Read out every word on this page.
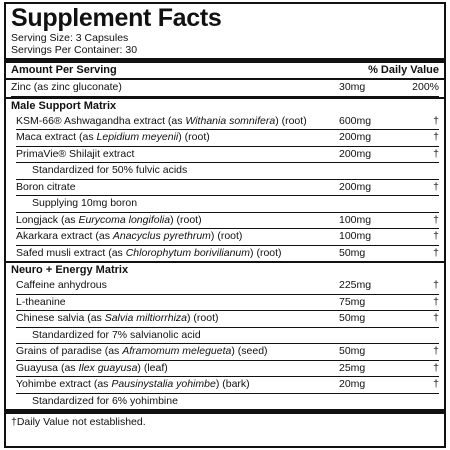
Supplement Facts
Serving Size: 3 Capsules
Servings Per Container: 30
Amount Per Serving	% Daily Value
Zinc (as zinc gluconate)	30mg	200%
Male Support Matrix
KSM-66® Ashwagandha extract (as Withania somnifera) (root)	600mg	†
Maca extract (as Lepidium meyenii) (root)	200mg	†
PrimaVie® Shilajit extract	200mg	†
Standardized for 50% fulvic acids
Boron citrate	200mg	†
Supplying 10mg boron
Longjack (as Eurycoma longifolia) (root)	100mg	†
Akarkara extract (as Anacyclus pyrethrum) (root)	100mg	†
Safed musli extract (as Chlorophytum borivilianum) (root)	50mg	†
Neuro + Energy Matrix
Caffeine anhydrous	225mg	†
L-theanine	75mg	†
Chinese salvia (as Salvia miltiorrhiza) (root)	50mg	†
Standardized for 7% salvianolic acid
Grains of paradise (as Aframomum melegueta) (seed)	50mg	†
Guayusa (as Ilex guayusa) (leaf)	25mg	†
Yohimbe extract (as Pausinystalia yohimbe) (bark)	20mg	†
Standardized for 6% yohimbine
†Daily Value not established.
